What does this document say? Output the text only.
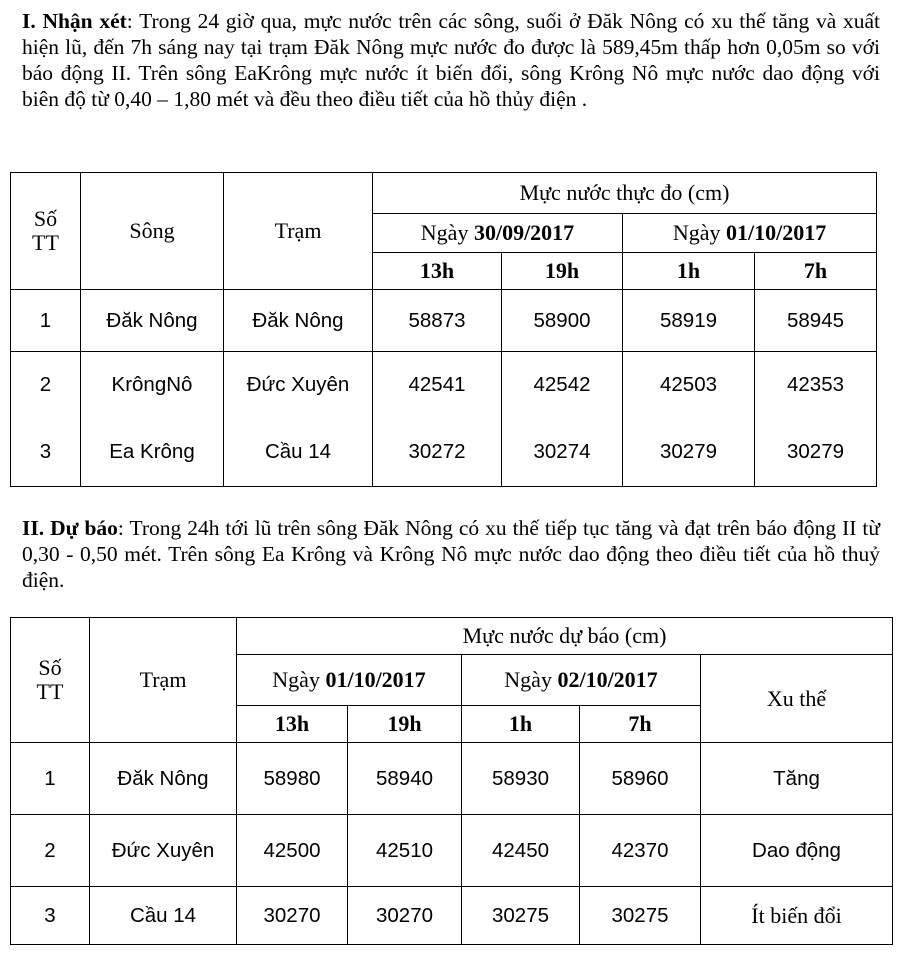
I. Nhận xét: Trong 24 giờ qua, mực nước trên các sông, suối ở Đăk Nông có xu thế tăng và xuất hiện lũ, đến 7h sáng nay tại trạm Đăk Nông mực nước đo được là 589,45m thấp hơn 0,05m so với báo động II. Trên sông EaKrông mực nước ít biến đổi, sông Krông Nô mực nước dao động với biên độ từ 0,40 – 1,80 mét và đều theo điều tiết của hồ thủy điện .
Số TT	Sông	Trạm	Mực nước thực đo (cm)			
			Ngày 30/09/2017		Ngày 01/10/2017	
			13h	19h	1h	7h
1	Đăk Nông	Đăk Nông	58873	58900	58919	58945
2	KrôngNô	Đức Xuyên	42541	42542	42503	42353
3	Ea Krông	Cầu 14	30272	30274	30279	30279
II. Dự báo: Trong 24h tới lũ trên sông Đăk Nông có xu thế tiếp tục tăng và đạt trên báo động II từ 0,30 - 0,50 mét. Trên sông Ea Krông và Krông Nô mực nước dao động theo điều tiết của hồ thuỷ điện.
Số TT	Trạm	Mực nước dự báo (cm)				
		Ngày 01/10/2017		Ngày 02/10/2017		Xu thế
		13h	19h	1h	7h	
1	Đăk Nông	58980	58940	58930	58960	Tăng
2	Đức Xuyên	42500	42510	42450	42370	Dao động
3	Cầu 14	30270	30270	30275	30275	Ít biến đổi
